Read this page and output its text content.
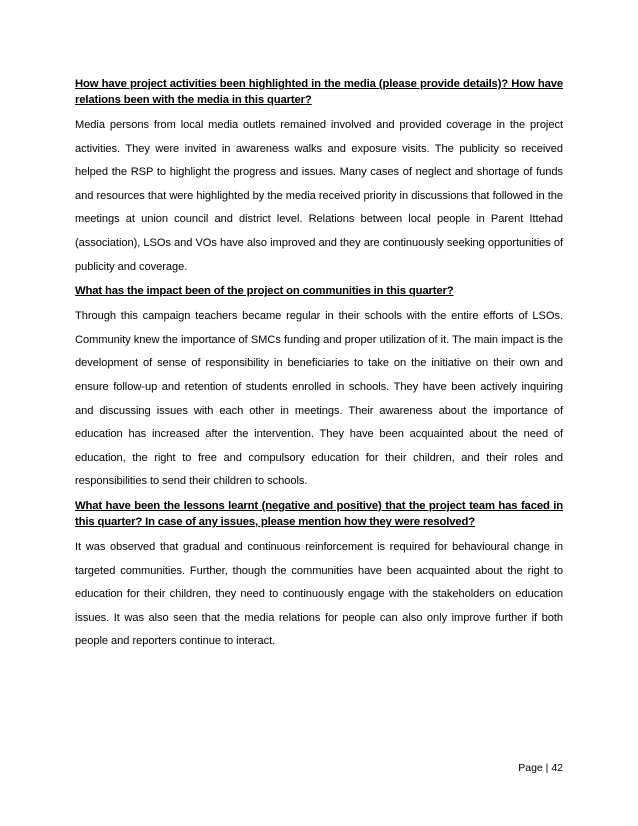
How have project activities been highlighted in the media (please provide details)? How have relations been with the media in this quarter?

Media persons from local media outlets remained involved and provided coverage in the project activities. They were invited in awareness walks and exposure visits. The publicity so received helped the RSP to highlight the progress and issues. Many cases of neglect and shortage of funds and resources that were highlighted by the media received priority in discussions that followed in the meetings at union council and district level. Relations between local people in Parent Ittehad (association), LSOs and VOs have also improved and they are continuously seeking opportunities of publicity and coverage.

What has the impact been of the project on communities in this quarter?

Through this campaign teachers became regular in their schools with the entire efforts of LSOs. Community knew the importance of SMCs funding and proper utilization of it. The main impact is the development of sense of responsibility in beneficiaries to take on the initiative on their own and ensure follow-up and retention of students enrolled in schools. They have been actively inquiring and discussing issues with each other in meetings. Their awareness about the importance of education has increased after the intervention. They have been acquainted about the need of education, the right to free and compulsory education for their children, and their roles and responsibilities to send their children to schools.

What have been the lessons learnt (negative and positive) that the project team has faced in this quarter? In case of any issues, please mention how they were resolved?

It was observed that gradual and continuous reinforcement is required for behavioural change in targeted communities. Further, though the communities have been acquainted about the right to education for their children, they need to continuously engage with the stakeholders on education issues. It was also seen that the media relations for people can also only improve further if both people and reporters continue to interact.

Page | 42
